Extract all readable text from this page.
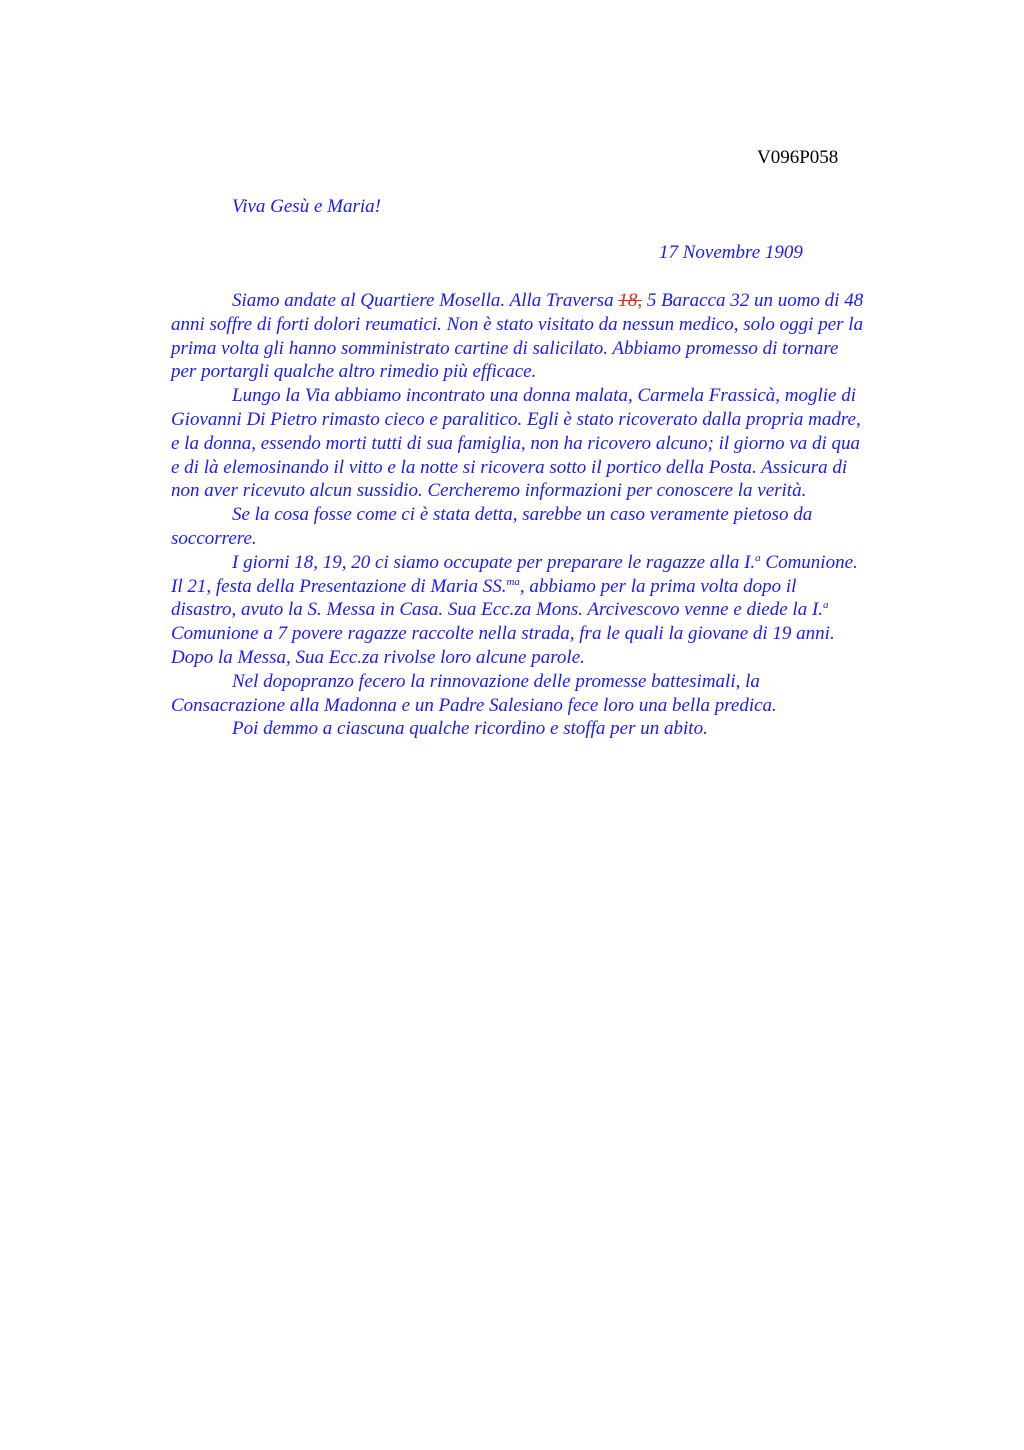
V096P058
Viva Gesù e Maria!
17 Novembre 1909
Siamo andate al Quartiere Mosella. Alla Traversa 18, 5 Baracca 32 un uomo di 48
anni soffre di forti dolori reumatici. Non è stato visitato da nessun medico, solo oggi per la
prima volta gli hanno somministrato cartine di salicilato. Abbiamo promesso di tornare
per portargli qualche altro rimedio più efficace.
Lungo la Via abbiamo incontrato una donna malata, Carmela Frassicà, moglie di
Giovanni Di Pietro rimasto cieco e paralitico. Egli è stato ricoverato dalla propria madre,
e la donna, essendo morti tutti di sua famiglia, non ha ricovero alcuno; il giorno va di qua
e di là elemosinando il vitto e la notte si ricovera sotto il portico della Posta. Assicura di
non aver ricevuto alcun sussidio. Cercheremo informazioni per conoscere la verità.
Se la cosa fosse come ci è stata detta, sarebbe un caso veramente pietoso da
soccorrere.
I giorni 18, 19, 20 ci siamo occupate per preparare le ragazze alla I.$^a$ Comunione.
Il 21, festa della Presentazione di Maria SS.$^{ma}$, abbiamo per la prima volta dopo il
disastro, avuto la S. Messa in Casa. Sua Ecc.za Mons. Arcivescovo venne e diede la I.$^a$
Comunione a 7 povere ragazze raccolte nella strada, fra le quali la giovane di 19 anni.
Dopo la Messa, Sua Ecc.za rivolse loro alcune parole.
Nel dopopranzo fecero la rinnovazione delle promesse battesimali, la
Consacrazione alla Madonna e un Padre Salesiano fece loro una bella predica.
Poi demmo a ciascuna qualche ricordino e stoffa per un abito.
